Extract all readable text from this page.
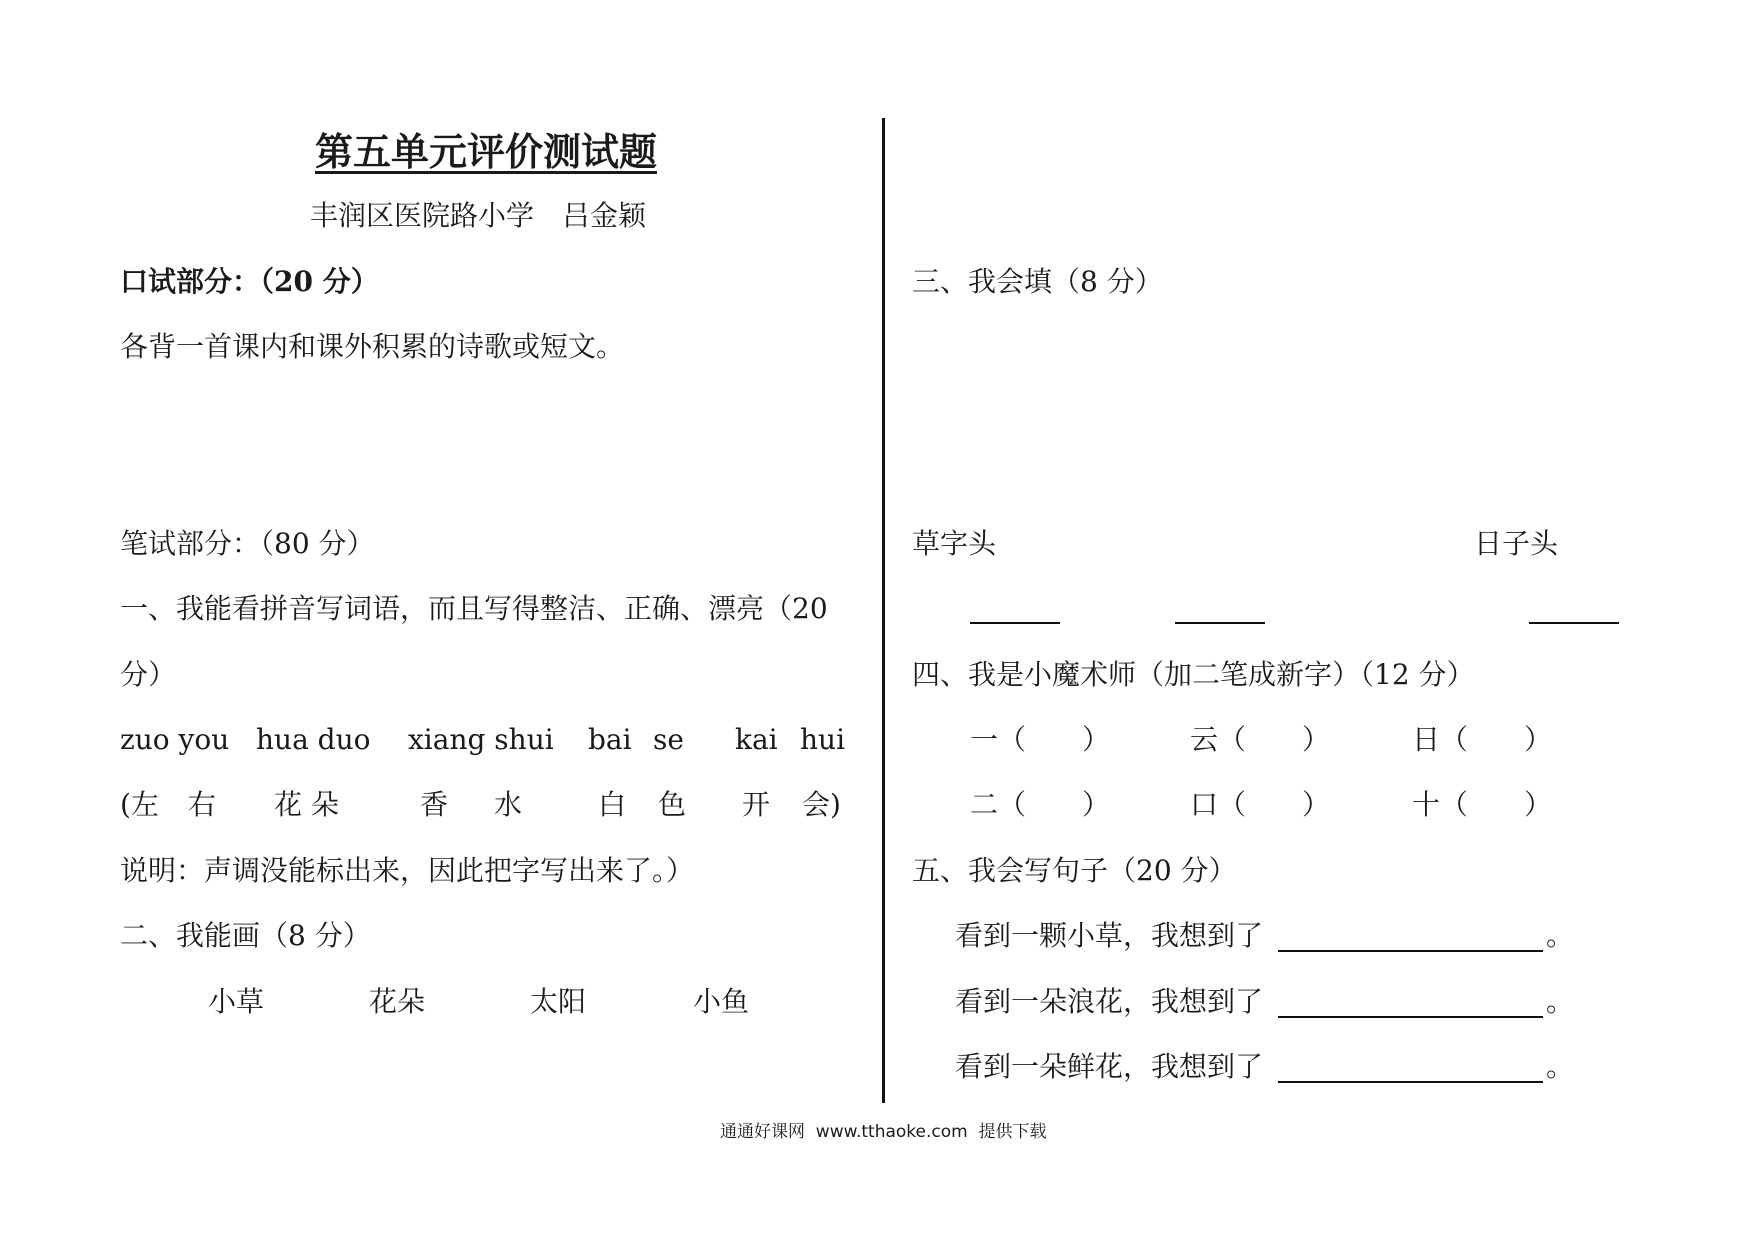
第五单元评价测试题
丰润区医院路小学　吕金颖
口试部分：（20 分）
各背一首课内和课外积累的诗歌或短文。
笔试部分：（80 分）
一、我能看拼音写词语，而且写得整洁、正确、漂亮（20
分）
zuo you hua duo xiang shui bai se kai hui
(左 右 花 朵	香 水	白 色 开 会)
说明：声调没能标出来，因此把字写出来了。）
二、我能画（8 分）
小草	花朵	太阳	小鱼
三、我会填（8 分）
草字头	日子头
四、我是小魔术师（加二笔成新字）（12 分）
一（　　）	云（　　）	日（　　）
二（　　）	口（　　）	十（　　）
五、我会写句子（20 分）
看到一颗小草，我想到了	。
看到一朵浪花，我想到了	。
看到一朵鲜花，我想到了	。
通通好课网  www.tthaoke.com  提供下载
